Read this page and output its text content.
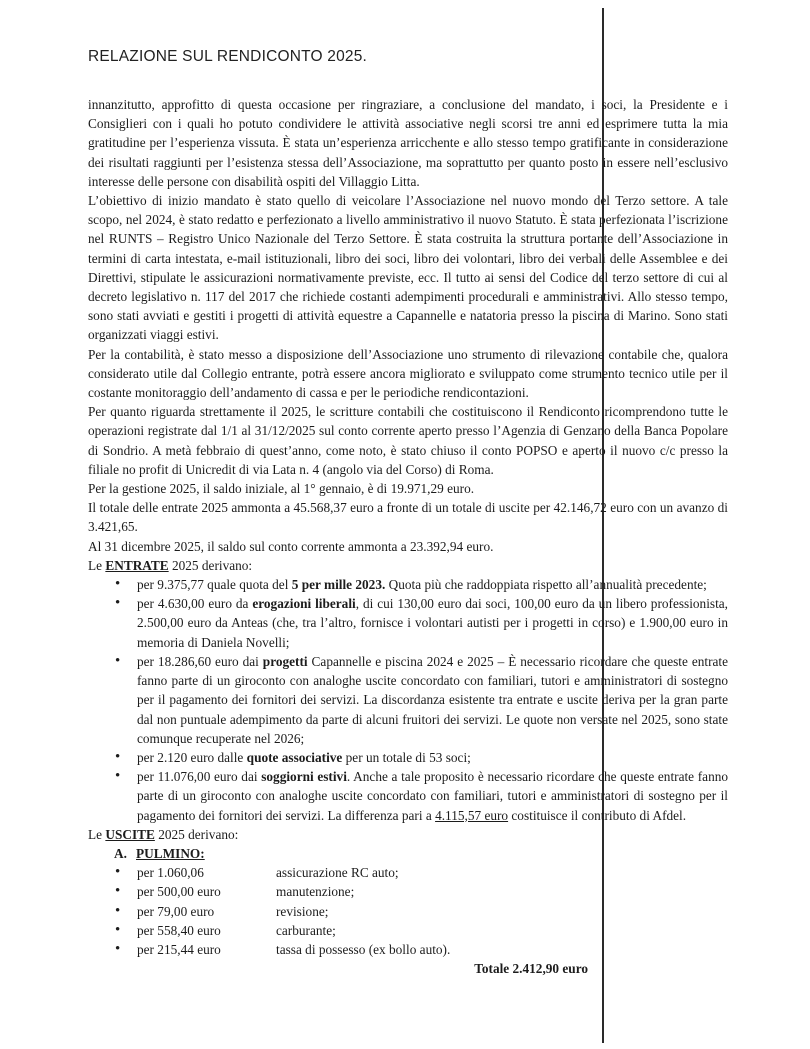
RELAZIONE SUL RENDICONTO 2025.

innanzitutto, approfitto di questa occasione per ringraziare, a conclusione del mandato, i soci, la Presidente e i Consiglieri con i quali ho potuto condividere le attività associative negli scorsi tre anni ed esprimere tutta la mia gratitudine per l’esperienza vissuta. È stata un’esperienza arricchente e allo stesso tempo gratificante in considerazione dei risultati raggiunti per l’esistenza stessa dell’Associazione, ma soprattutto per quanto posto in essere nell’esclusivo interesse delle persone con disabilità ospiti del Villaggio Litta.

L’obiettivo di inizio mandato è stato quello di veicolare l’Associazione nel nuovo mondo del Terzo settore. A tale scopo, nel 2024, è stato redatto e perfezionato a livello amministrativo il nuovo Statuto. È stata perfezionata l’iscrizione nel RUNTS – Registro Unico Nazionale del Terzo Settore. È stata costruita la struttura portante dell’Associazione in termini di carta intestata, e-mail istituzionali, libro dei soci, libro dei volontari, libro dei verbali delle Assemblee e dei Direttivi, stipulate le assicurazioni normativamente previste, ecc. Il tutto ai sensi del Codice del terzo settore di cui al decreto legislativo n. 117 del 2017 che richiede costanti adempimenti procedurali e amministrativi. Allo stesso tempo, sono stati avviati e gestiti i progetti di attività equestre a Capannelle e natatoria presso la piscina di Marino. Sono stati organizzati viaggi estivi.

Per la contabilità, è stato messo a disposizione dell’Associazione uno strumento di rilevazione contabile che, qualora considerato utile dal Collegio entrante, potrà essere ancora migliorato e sviluppato come strumento tecnico utile per il costante monitoraggio dell’andamento di cassa e per le periodiche rendicontazioni.

Per quanto riguarda strettamente il 2025, le scritture contabili che costituiscono il Rendiconto ricomprendono tutte le operazioni registrate dal 1/1 al 31/12/2025 sul conto corrente aperto presso l’Agenzia di Genzano della Banca Popolare di Sondrio. A metà febbraio di quest’anno, come noto, è stato chiuso il conto POPSO e aperto il nuovo c/c presso la filiale no profit di Unicredit di via Lata n. 4 (angolo via del Corso) di Roma.

Per la gestione 2025, il saldo iniziale, al 1° gennaio, è di 19.971,29 euro.

Il totale delle entrate 2025 ammonta a 45.568,37 euro a fronte di un totale di uscite per 42.146,72 euro con un avanzo di 3.421,65.

Al 31 dicembre 2025, il saldo sul conto corrente ammonta a 23.392,94 euro.

Le ENTRATE 2025 derivano:

• per 9.375,77 quale quota del 5 per mille 2023. Quota più che raddoppiata rispetto all’annualità precedente;
• per 4.630,00 euro da erogazioni liberali, di cui 130,00 euro dai soci, 100,00 euro da un libero professionista, 2.500,00 euro da Anteas (che, tra l’altro, fornisce i volontari autisti per i progetti in corso) e 1.900,00 euro in memoria di Daniela Novelli;
• per 18.286,60 euro dai progetti Capannelle e piscina 2024 e 2025 – È necessario ricordare che queste entrate fanno parte di un giroconto con analoghe uscite concordato con familiari, tutori e amministratori di sostegno per il pagamento dei fornitori dei servizi. La discordanza esistente tra entrate e uscite deriva per la gran parte dal non puntuale adempimento da parte di alcuni fruitori dei servizi. Le quote non versate nel 2025, sono state comunque recuperate nel 2026;
• per 2.120 euro dalle quote associative per un totale di 53 soci;
• per 11.076,00 euro dai soggiorni estivi. Anche a tale proposito è necessario ricordare che queste entrate fanno parte di un giroconto con analoghe uscite concordato con familiari, tutori e amministratori di sostegno per il pagamento dei fornitori dei servizi. La differenza pari a 4.115,57 euro costituisce il contributo di Afdel.

Le USCITE 2025 derivano:

A. PULMINO:

• per 1.060,06	assicurazione RC auto;
• per 500,00 euro	manutenzione;
• per 79,00 euro	revisione;
• per 558,40 euro	carburante;
• per 215,44 euro	tassa di possesso (ex bollo auto).

Totale 2.412,90 euro
